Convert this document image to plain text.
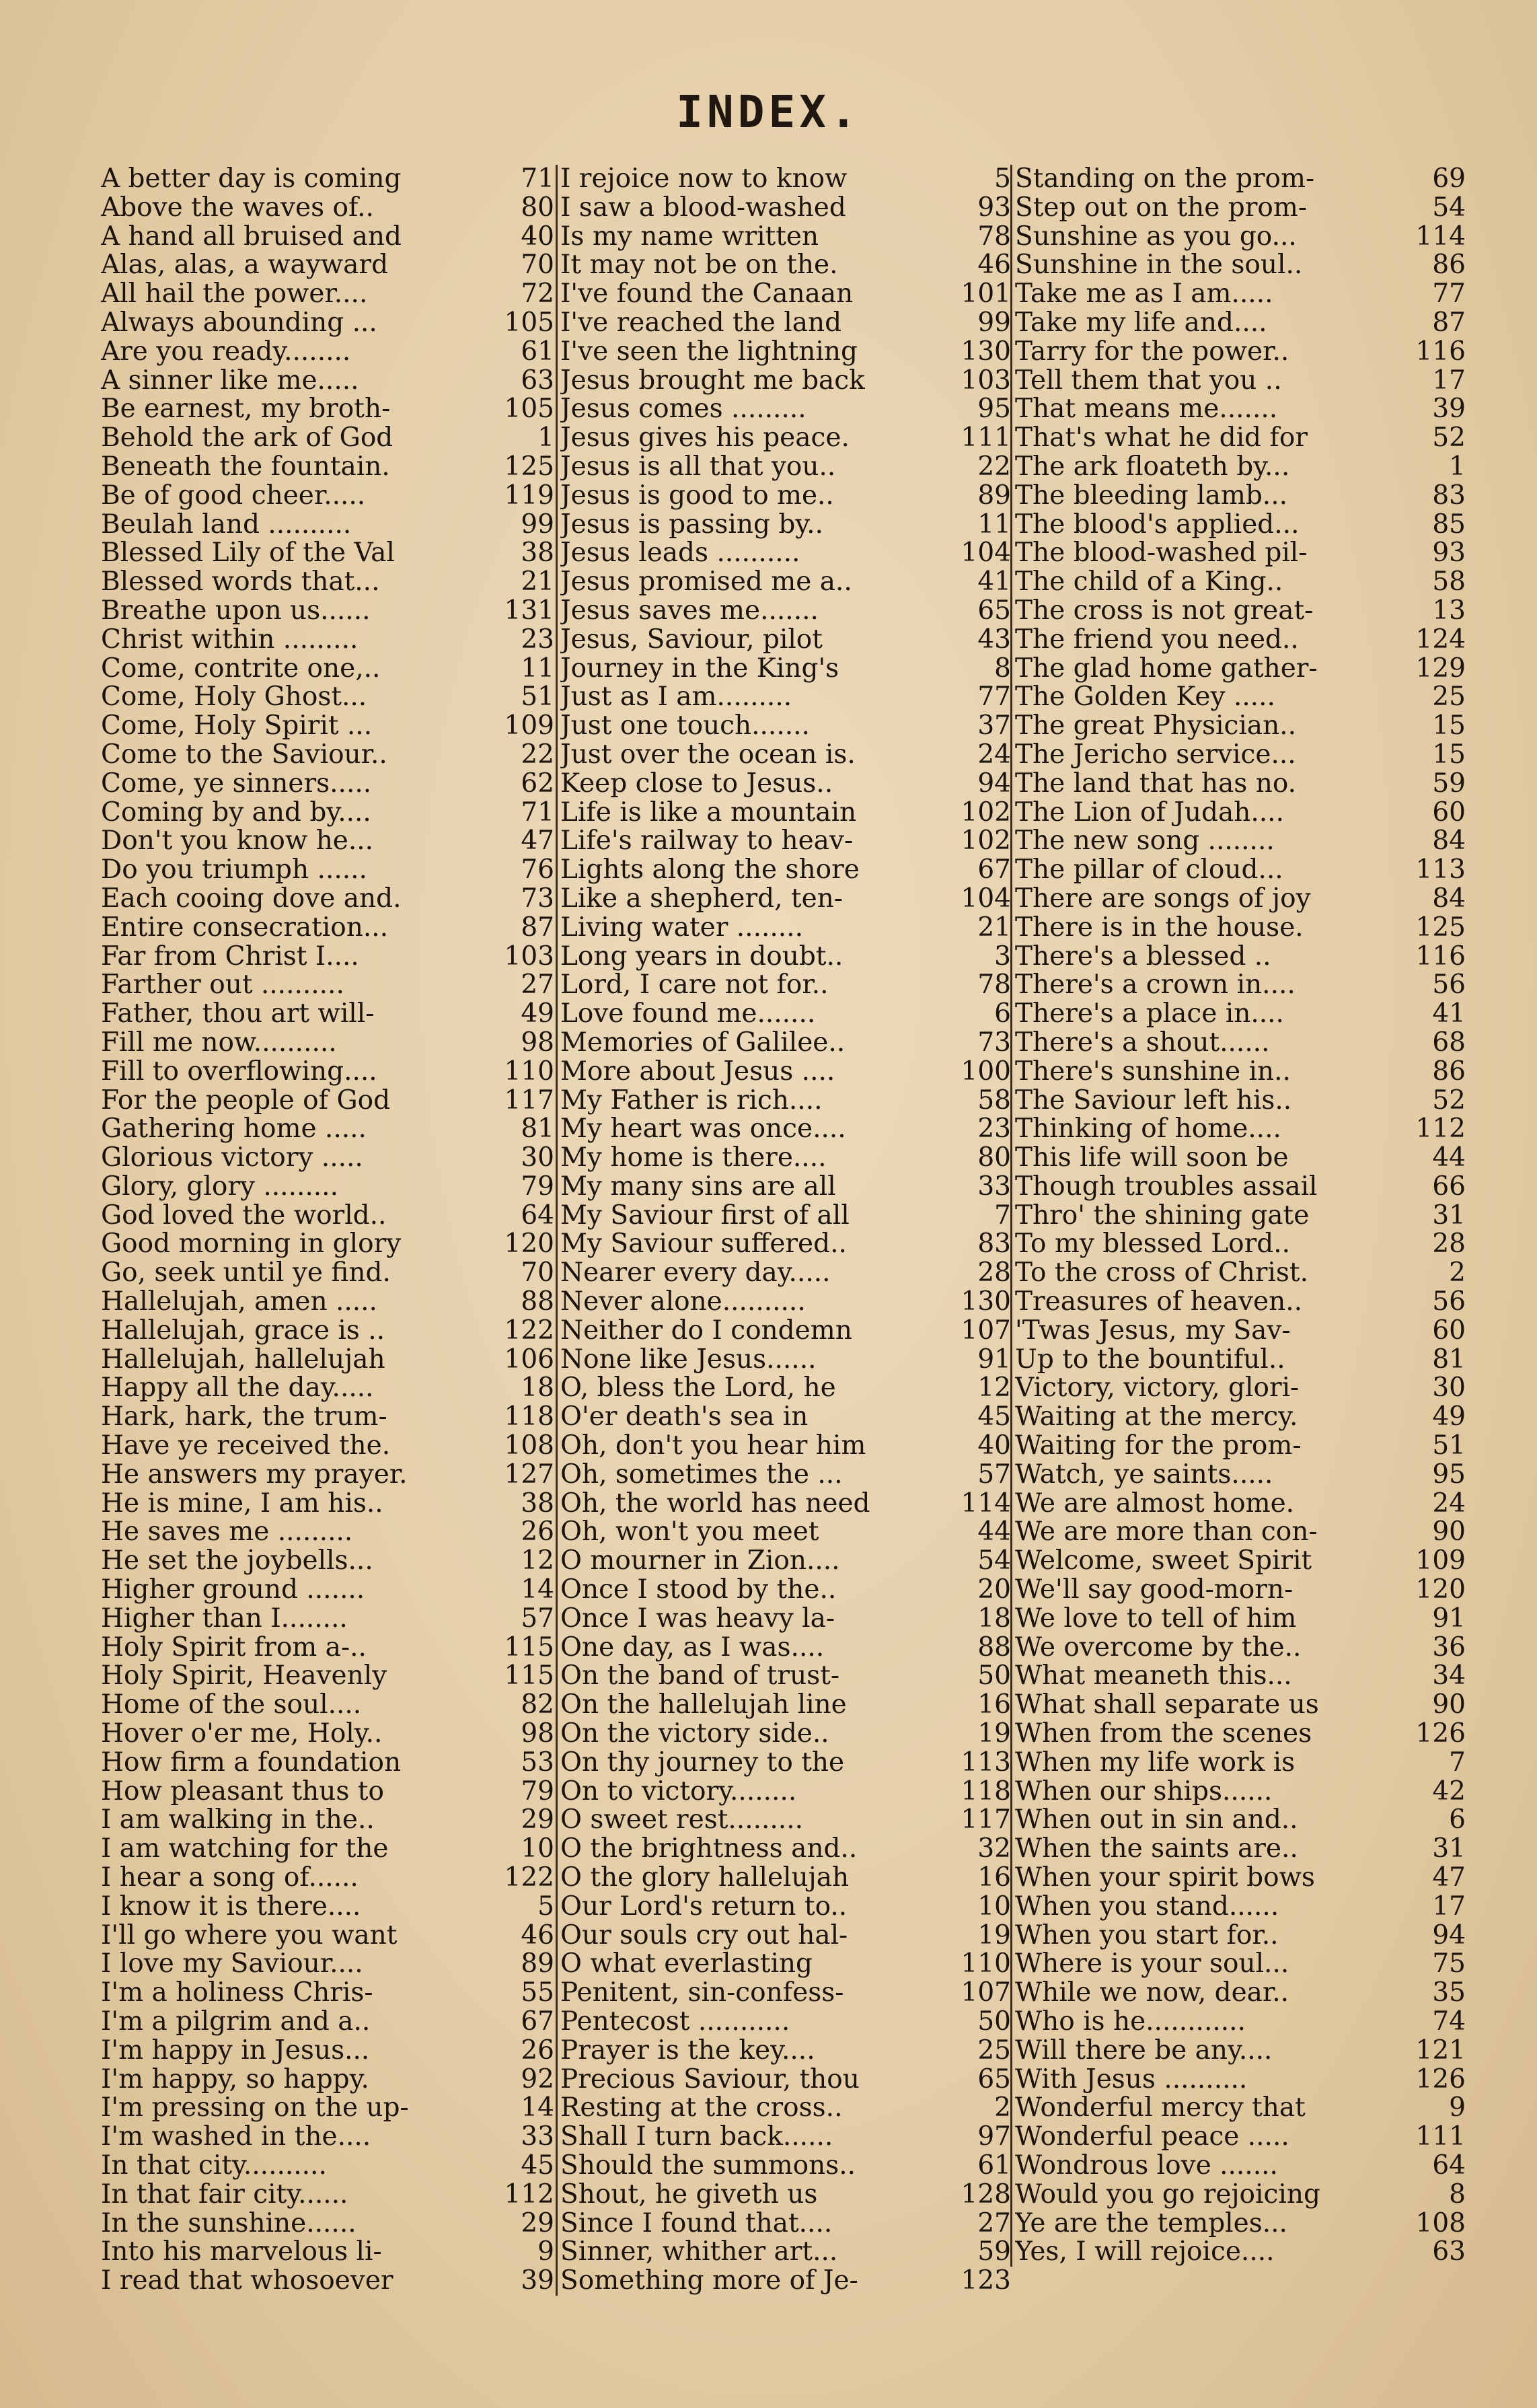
INDEX.
A better day is coming	71
Above the waves of..	80
A hand all bruised and	40
Alas, alas, a wayward	70
All hail the power....	72
Always abounding ...	105
Are you ready........	61
A sinner like me.....	63
Be earnest, my broth-	105
Behold the ark of God	1
Beneath the fountain.	125
Be of good cheer.....	119
Beulah land ..........	99
Blessed Lily of the Val	38
Blessed words that...	21
Breathe upon us......	131
Christ within .........	23
Come, contrite one,..	11
Come, Holy Ghost...	51
Come, Holy Spirit ...	109
Come to the Saviour..	22
Come, ye sinners.....	62
Coming by and by....	71
Don't you know he...	47
Do you triumph ......	76
Each cooing dove and.	73
Entire consecration...	87
Far from Christ I....	103
Farther out ..........	27
Father, thou art will-	49
Fill me now..........	98
Fill to overflowing....	110
For the people of God	117
Gathering home .....	81
Glorious victory .....	30
Glory, glory .........	79
God loved the world..	64
Good morning in glory	120
Go, seek until ye find.	70
Hallelujah, amen .....	88
Hallelujah, grace is ..	122
Hallelujah, hallelujah	106
Happy all the day.....	18
Hark, hark, the trum-	118
Have ye received the.	108
He answers my prayer.	127
He is mine, I am his..	38
He saves me .........	26
He set the joybells...	12
Higher ground .......	14
Higher than I........	57
Holy Spirit from a-..	115
Holy Spirit, Heavenly	115
Home of the soul....	82
Hover o'er me, Holy..	98
How firm a foundation	53
How pleasant thus to	79
I am walking in the..	29
I am watching for the	10
I hear a song of......	122
I know it is there....	5
I'll go where you want	46
I love my Saviour....	89
I'm a holiness Chris-	55
I'm a pilgrim and a..	67
I'm happy in Jesus...	26
I'm happy, so happy.	92
I'm pressing on the up-	14
I'm washed in the....	33
In that city..........	45
In that fair city......	112
In the sunshine......	29
Into his marvelous li-	9
I read that whosoever	39
I rejoice now to know	5
I saw a blood-washed	93
Is my name written	78
It may not be on the.	46
I've found the Canaan	101
I've reached the land	99
I've seen the lightning	130
Jesus brought me back	103
Jesus comes .........	95
Jesus gives his peace.	111
Jesus is all that you..	22
Jesus is good to me..	89
Jesus is passing by..	11
Jesus leads ..........	104
Jesus promised me a..	41
Jesus saves me.......	65
Jesus, Saviour, pilot	43
Journey in the King's	8
Just as I am.........	77
Just one touch.......	37
Just over the ocean is.	24
Keep close to Jesus..	94
Life is like a mountain	102
Life's railway to heav-	102
Lights along the shore	67
Like a shepherd, ten-	104
Living water ........	21
Long years in doubt..	3
Lord, I care not for..	78
Love found me.......	6
Memories of Galilee..	73
More about Jesus ....	100
My Father is rich....	58
My heart was once....	23
My home is there....	80
My many sins are all	33
My Saviour first of all	7
My Saviour suffered..	83
Nearer every day.....	28
Never alone..........	130
Neither do I condemn	107
None like Jesus......	91
O, bless the Lord, he	12
O'er death's sea in	45
Oh, don't you hear him	40
Oh, sometimes the ...	57
Oh, the world has need	114
Oh, won't you meet	44
O mourner in Zion....	54
Once I stood by the..	20
Once I was heavy la-	18
One day, as I was....	88
On the band of trust-	50
On the hallelujah line	16
On the victory side..	19
On thy journey to the	113
On to victory........	118
O sweet rest.........	117
O the brightness and..	32
O the glory hallelujah	16
Our Lord's return to..	10
Our souls cry out hal-	19
O what everlasting	110
Penitent, sin-confess-	107
Pentecost ...........	50
Prayer is the key....	25
Precious Saviour, thou	65
Resting at the cross..	2
Shall I turn back......	97
Should the summons..	61
Shout, he giveth us	128
Since I found that....	27
Sinner, whither art...	59
Something more of Je-	123
Standing on the prom-	69
Step out on the prom-	54
Sunshine as you go...	114
Sunshine in the soul..	86
Take me as I am.....	77
Take my life and....	87
Tarry for the power..	116
Tell them that you ..	17
That means me.......	39
That's what he did for	52
The ark floateth by...	1
The bleeding lamb...	83
The blood's applied...	85
The blood-washed pil-	93
The child of a King..	58
The cross is not great-	13
The friend you need..	124
The glad home gather-	129
The Golden Key .....	25
The great Physician..	15
The Jericho service...	15
The land that has no.	59
The Lion of Judah....	60
The new song ........	84
The pillar of cloud...	113
There are songs of joy	84
There is in the house.	125
There's a blessed ..	116
There's a crown in....	56
There's a place in....	41
There's a shout......	68
There's sunshine in..	86
The Saviour left his..	52
Thinking of home....	112
This life will soon be	44
Though troubles assail	66
Thro' the shining gate	31
To my blessed Lord..	28
To the cross of Christ.	2
Treasures of heaven..	56
'Twas Jesus, my Sav-	60
Up to the bountiful..	81
Victory, victory, glori-	30
Waiting at the mercy.	49
Waiting for the prom-	51
Watch, ye saints.....	95
We are almost home.	24
We are more than con-	90
Welcome, sweet Spirit	109
We'll say good-morn-	120
We love to tell of him	91
We overcome by the..	36
What meaneth this...	34
What shall separate us	90
When from the scenes	126
When my life work is	7
When our ships......	42
When out in sin and..	6
When the saints are..	31
When your spirit bows	47
When you stand......	17
When you start for..	94
Where is your soul...	75
While we now, dear..	35
Who is he............	74
Will there be any....	121
With Jesus ..........	126
Wonderful mercy that	9
Wonderful peace .....	111
Wondrous love .......	64
Would you go rejoicing	8
Ye are the temples...	108
Yes, I will rejoice....	63
